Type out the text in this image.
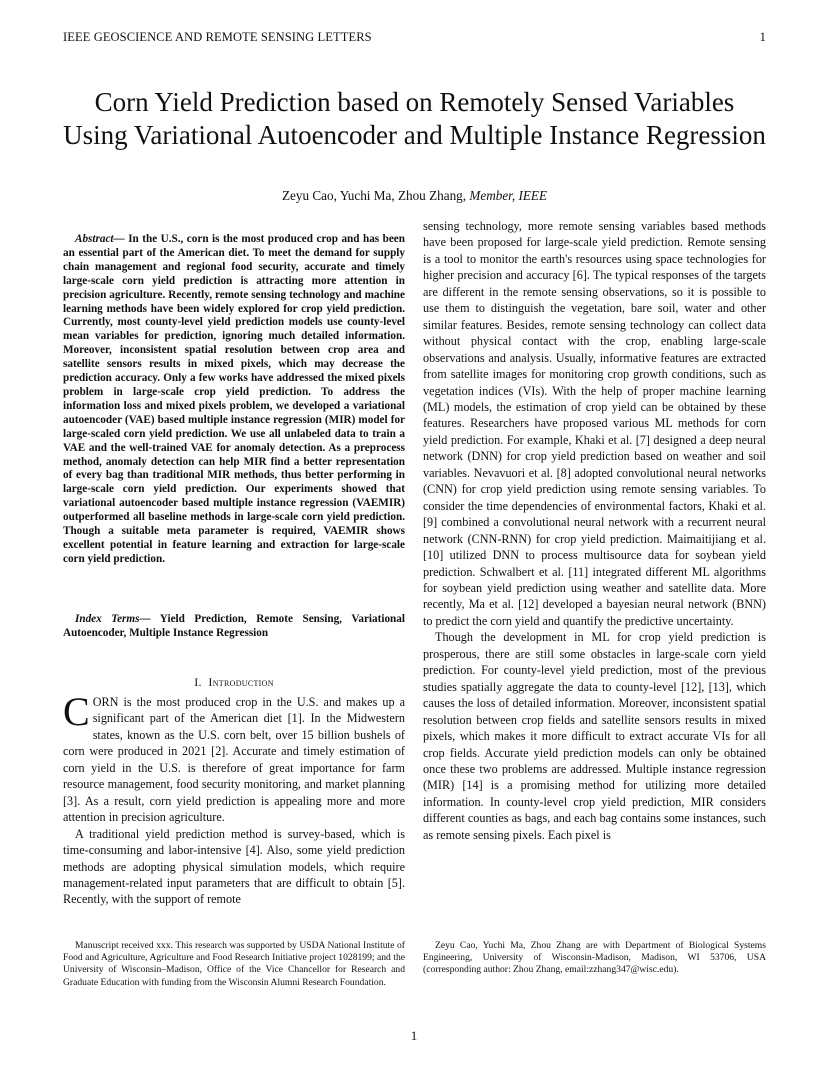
IEEE GEOSCIENCE AND REMOTE SENSING LETTERS	1
Corn Yield Prediction based on Remotely Sensed Variables Using Variational Autoencoder and Multiple Instance Regression
Zeyu Cao, Yuchi Ma, Zhou Zhang, Member, IEEE
Abstract— In the U.S., corn is the most produced crop and has been an essential part of the American diet. To meet the demand for supply chain management and regional food security, accurate and timely large-scale corn yield prediction is attracting more attention in precision agriculture. Recently, remote sensing technology and machine learning methods have been widely explored for crop yield prediction. Currently, most county-level yield prediction models use county-level mean variables for prediction, ignoring much detailed information. Moreover, inconsistent spatial resolution between crop area and satellite sensors results in mixed pixels, which may decrease the prediction accuracy. Only a few works have addressed the mixed pixels problem in large-scale crop yield prediction. To address the information loss and mixed pixels problem, we developed a variational autoencoder (VAE) based multiple instance regression (MIR) model for large-scaled corn yield prediction. We use all unlabeled data to train a VAE and the well-trained VAE for anomaly detection. As a preprocess method, anomaly detection can help MIR find a better representation of every bag than traditional MIR methods, thus better performing in large-scale corn yield prediction. Our experiments showed that variational autoencoder based multiple instance regression (VAEMIR) outperformed all baseline methods in large-scale corn yield prediction. Though a suitable meta parameter is required, VAEMIR shows excellent potential in feature learning and extraction for large-scale corn yield prediction.
Index Terms— Yield Prediction, Remote Sensing, Variational Autoencoder, Multiple Instance Regression
I. Introduction

CORN is the most produced crop in the U.S. and makes up a significant part of the American diet [1]. In the Midwestern states, known as the U.S. corn belt, over 15 billion bushels of corn were produced in 2021 [2]. Accurate and timely estimation of corn yield in the U.S. is therefore of great importance for farm resource management, food security monitoring, and market planning [3]. As a result, corn yield prediction is appealing more and more attention in precision agriculture.

A traditional yield prediction method is survey-based, which is time-consuming and labor-intensive [4]. Also, some yield prediction methods are adopting physical simulation models, which require management-related input parameters that are difficult to obtain [5]. Recently, with the support of remote

sensing technology, more remote sensing variables based methods have been proposed for large-scale yield prediction. Remote sensing is a tool to monitor the earth's resources using space technologies for higher precision and accuracy [6]. The typical responses of the targets are different in the remote sensing observations, so it is possible to use them to distinguish the vegetation, bare soil, water and other similar features. Besides, remote sensing technology can collect data without physical contact with the crop, enabling large-scale observations and analysis. Usually, informative features are extracted from satellite images for monitoring crop growth conditions, such as vegetation indices (VIs). With the help of proper machine learning (ML) models, the estimation of crop yield can be obtained by these features. Researchers have proposed various ML methods for corn yield prediction. For example, Khaki et al. [7] designed a deep neural network (DNN) for crop yield prediction based on weather and soil variables. Nevavuori et al. [8] adopted convolutional neural networks (CNN) for crop yield prediction using remote sensing variables. To consider the time dependencies of environmental factors, Khaki et al. [9] combined a convolutional neural network with a recurrent neural network (CNN-RNN) for crop yield prediction. Maimaitijiang et al. [10] utilized DNN to process multisource data for soybean yield prediction. Schwalbert et al. [11] integrated different ML algorithms for soybean yield prediction using weather and satellite data. More recently, Ma et al. [12] developed a bayesian neural network (BNN) to predict the corn yield and quantify the predictive uncertainty.

Though the development in ML for crop yield prediction is prosperous, there are still some obstacles in large-scale corn yield prediction. For county-level yield prediction, most of the previous studies spatially aggregate the data to county-level [12], [13], which causes the loss of detailed information. Moreover, inconsistent spatial resolution between crop fields and satellite sensors results in mixed pixels, which makes it more difficult to extract accurate VIs for all crop fields. Accurate yield prediction models can only be obtained once these two problems are addressed. Multiple instance regression (MIR) [14] is a promising method for utilizing more detailed information. In county-level crop yield prediction, MIR considers different counties as bags, and each bag contains some instances, such as remote sensing pixels. Each pixel is

Manuscript received xxx. This research was supported by USDA National Institute of Food and Agriculture, Agriculture and Food Research Initiative project 1028199; and the University of Wisconsin–Madison, Office of the Vice Chancellor for Research and Graduate Education with funding from the Wisconsin Alumni Research Foundation.
Zeyu Cao, Yuchi Ma, Zhou Zhang are with Department of Biological Systems Engineering, University of Wisconsin-Madison, Madison, WI 53706, USA (corresponding author: Zhou Zhang, email:zzhang347@wisc.edu).
1
